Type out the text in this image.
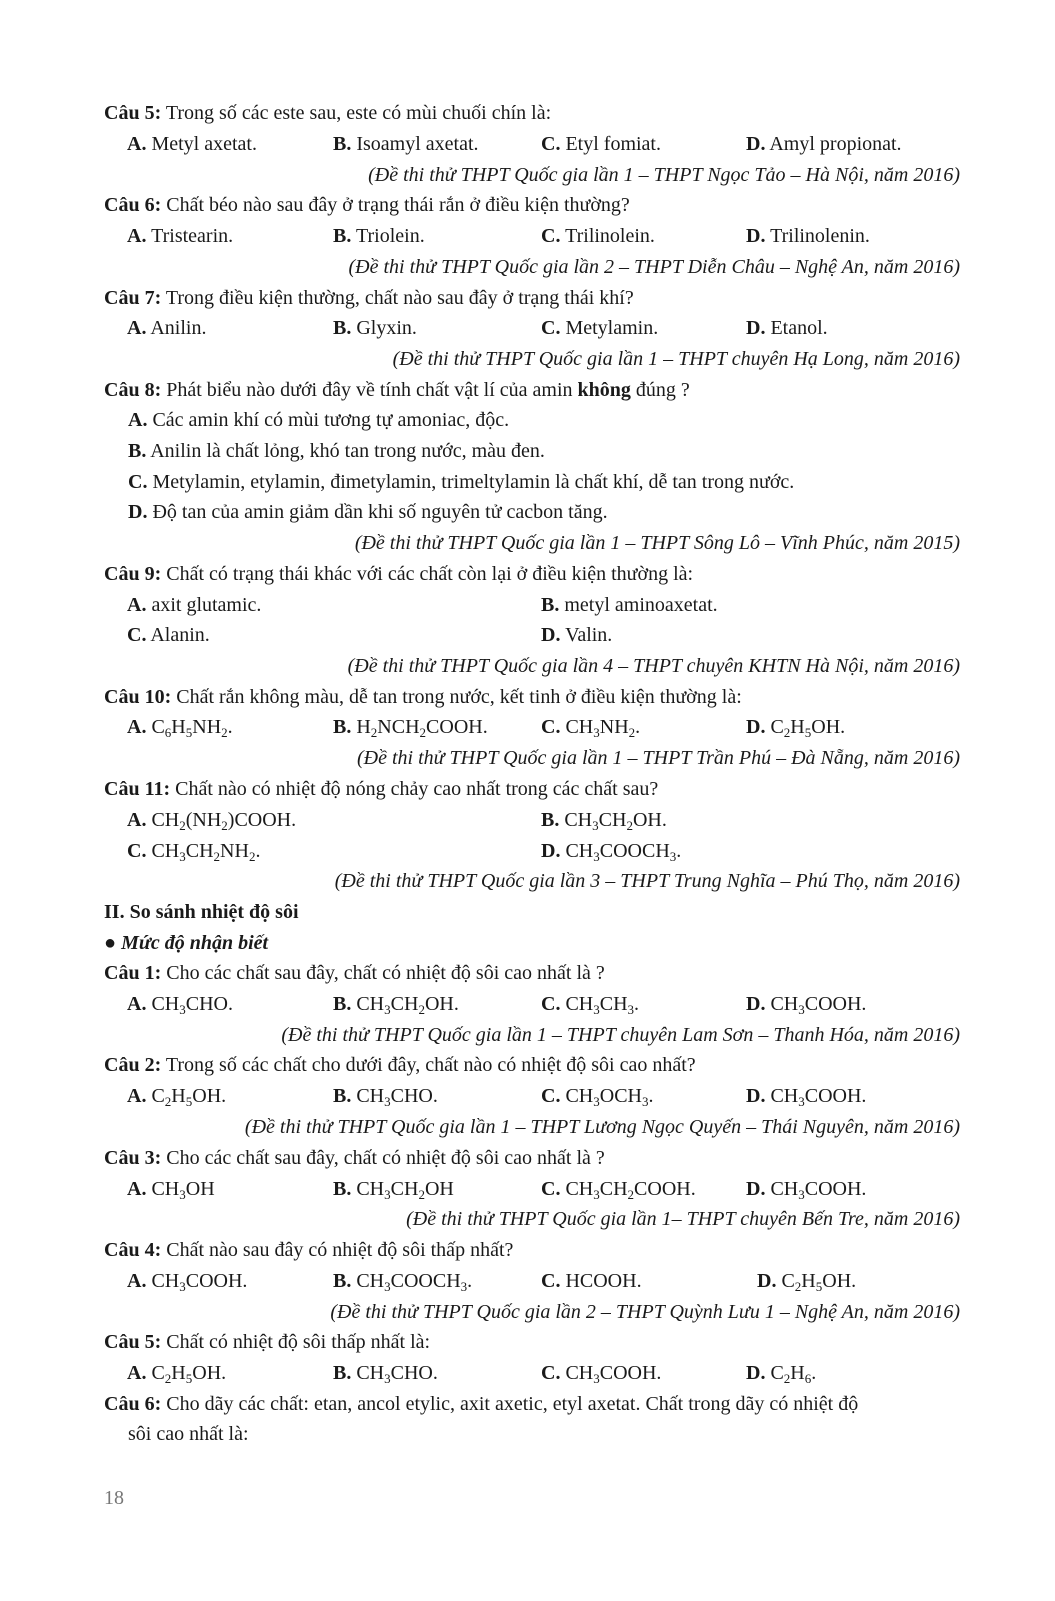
Câu 5: Trong số các este sau, este có mùi chuối chín là:
A. Metyl axetat.	B. Isoamyl axetat.	C. Etyl fomiat.	D. Amyl propionat.
(Đề thi thử THPT Quốc gia lần 1 – THPT Ngọc Tảo – Hà Nội, năm 2016)
Câu 6: Chất béo nào sau đây ở trạng thái rắn ở điều kiện thường?
A. Tristearin.	B. Triolein.	C. Trilinolein.	D. Trilinolenin.
(Đề thi thử THPT Quốc gia lần 2 – THPT Diễn Châu – Nghệ An, năm 2016)
Câu 7: Trong điều kiện thường, chất nào sau đây ở trạng thái khí?
A. Anilin.	B. Glyxin.	C. Metylamin.	D. Etanol.
(Đề thi thử THPT Quốc gia lần 1 – THPT chuyên Hạ Long, năm 2016)
Câu 8: Phát biểu nào dưới đây về tính chất vật lí của amin không đúng ?
A. Các amin khí có mùi tương tự amoniac, độc.
B. Anilin là chất lỏng, khó tan trong nước, màu đen.
C. Metylamin, etylamin, đimetylamin, trimeltylamin là chất khí, dễ tan trong nước.
D. Độ tan của amin giảm dần khi số nguyên tử cacbon tăng.
(Đề thi thử THPT Quốc gia lần 1 – THPT Sông Lô – Vĩnh Phúc, năm 2015)
Câu 9: Chất có trạng thái khác với các chất còn lại ở điều kiện thường là:
A. axit glutamic.	B. metyl aminoaxetat.
C. Alanin.	D. Valin.
(Đề thi thử THPT Quốc gia lần 4 – THPT chuyên KHTN Hà Nội, năm 2016)
Câu 10: Chất rắn không màu, dễ tan trong nước, kết tinh ở điều kiện thường là:
A. $C_6H_5NH_2$.	B. $H_2NCH_2COOH$.	C. $CH_3NH_2$.	D. $C_2H_5OH$.
(Đề thi thử THPT Quốc gia lần 1 – THPT Trần Phú – Đà Nẵng, năm 2016)
Câu 11: Chất nào có nhiệt độ nóng chảy cao nhất trong các chất sau?
A. $CH_2(NH_2)COOH$.	B. $CH_3CH_2OH$.
C. $CH_3CH_2NH_2$.	D. $CH_3COOCH_3$.
(Đề thi thử THPT Quốc gia lần 3 – THPT Trung Nghĩa – Phú Thọ, năm 2016)
II. So sánh nhiệt độ sôi
● Mức độ nhận biết
Câu 1: Cho các chất sau đây, chất có nhiệt độ sôi cao nhất là ?
A. $CH_3CHO$.	B. $CH_3CH_2OH$.	C. $CH_3CH_3$.	D. $CH_3COOH$.
(Đề thi thử THPT Quốc gia lần 1 – THPT chuyên Lam Sơn – Thanh Hóa, năm 2016)
Câu 2: Trong số các chất cho dưới đây, chất nào có nhiệt độ sôi cao nhất?
A. $C_2H_5OH$.	B. $CH_3CHO$.	C. $CH_3OCH_3$.	D. $CH_3COOH$.
(Đề thi thử THPT Quốc gia lần 1 – THPT Lương Ngọc Quyến – Thái Nguyên, năm 2016)
Câu 3: Cho các chất sau đây, chất có nhiệt độ sôi cao nhất là ?
A. $CH_3OH$	B. $CH_3CH_2OH$	C. $CH_3CH_2COOH$.	D. $CH_3COOH$.
(Đề thi thử THPT Quốc gia lần 1– THPT chuyên Bến Tre, năm 2016)
Câu 4: Chất nào sau đây có nhiệt độ sôi thấp nhất?
A. $CH_3COOH$.	B. $CH_3COOCH_3$.	C. HCOOH.	D. $C_2H_5OH$.
(Đề thi thử THPT Quốc gia lần 2 – THPT Quỳnh Lưu 1 – Nghệ An, năm 2016)
Câu 5: Chất có nhiệt độ sôi thấp nhất là:
A. $C_2H_5OH$.	B. $CH_3CHO$.	C. $CH_3COOH$.	D. $C_2H_6$.
Câu 6: Cho dãy các chất: etan, ancol etylic, axit axetic, etyl axetat. Chất trong dãy có nhiệt độ
sôi cao nhất là:
18
